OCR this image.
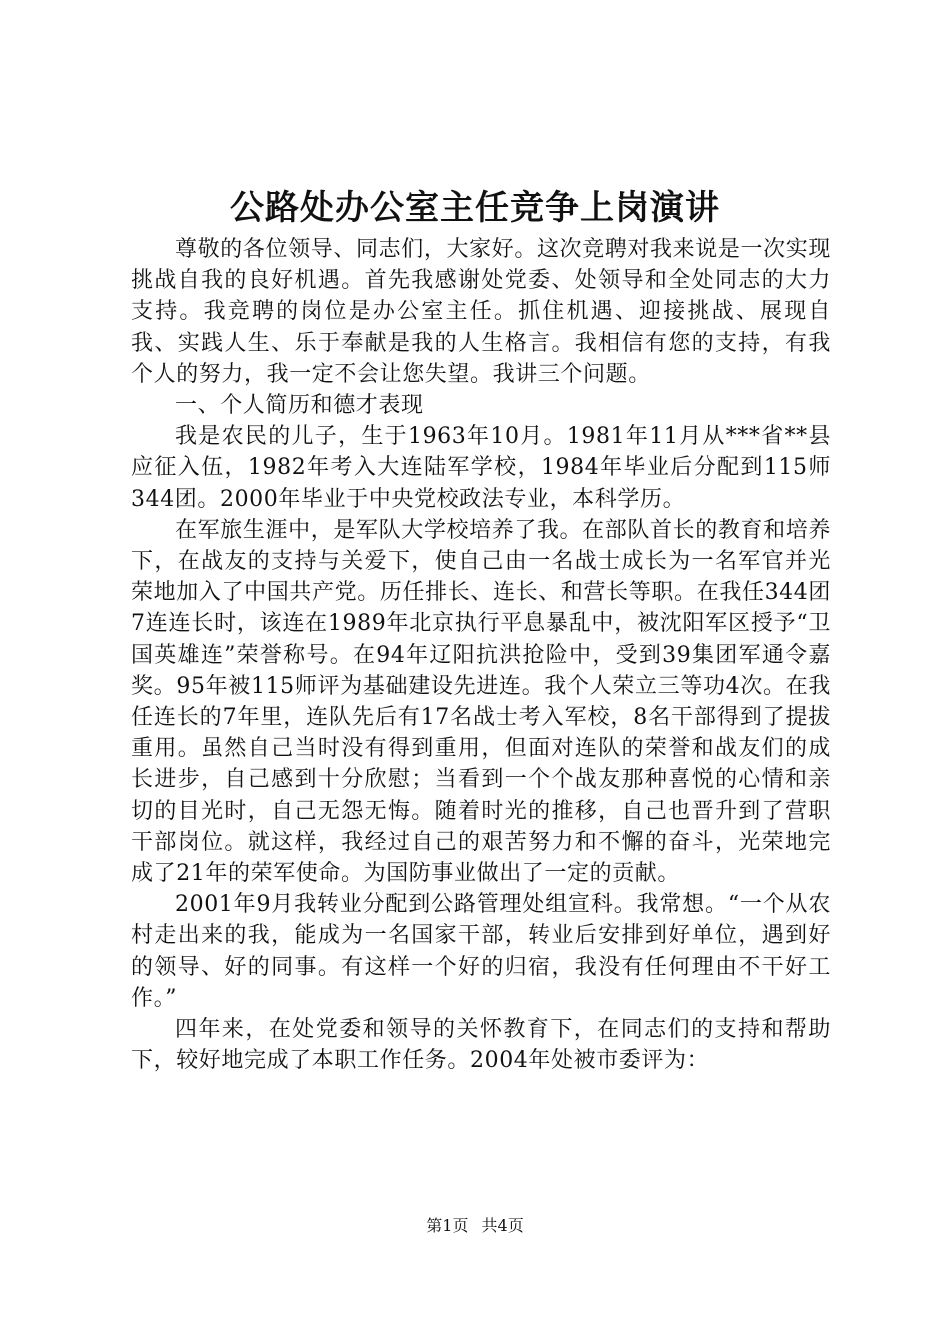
公路处办公室主任竞争上岗演讲

尊敬的各位领导、同志们，大家好。这次竞聘对我来说是一次实现挑战自我的良好机遇。首先我感谢处党委、处领导和全处同志的大力支持。我竞聘的岗位是办公室主任。抓住机遇、迎接挑战、展现自我、实践人生、乐于奉献是我的人生格言。我相信有您的支持，有我个人的努力，我一定不会让您失望。我讲三个问题。

一、个人简历和德才表现

我是农民的儿子，生于1963年10月。1981年11月从***省**县应征入伍，1982年考入大连陆军学校，1984年毕业后分配到115师344团。2000年毕业于中央党校政法专业，本科学历。

在军旅生涯中，是军队大学校培养了我。在部队首长的教育和培养下，在战友的支持与关爱下，使自己由一名战士成长为一名军官并光荣地加入了中国共产党。历任排长、连长、和营长等职。在我任344团7连连长时，该连在1989年北京执行平息暴乱中，被沈阳军区授予“卫国英雄连”荣誉称号。在94年辽阳抗洪抢险中，受到39集团军通令嘉奖。95年被115师评为基础建设先进连。我个人荣立三等功4次。在我任连长的7年里，连队先后有17名战士考入军校，8名干部得到了提拔重用。虽然自己当时没有得到重用，但面对连队的荣誉和战友们的成长进步，自己感到十分欣慰；当看到一个个战友那种喜悦的心情和亲切的目光时，自己无怨无悔。随着时光的推移，自己也晋升到了营职干部岗位。就这样，我经过自己的艰苦努力和不懈的奋斗，光荣地完成了21年的荣军使命。为国防事业做出了一定的贡献。

2001年9月我转业分配到公路管理处组宣科。我常想。“一个从农村走出来的我，能成为一名国家干部，转业后安排到好单位，遇到好的领导、好的同事。有这样一个好的归宿，我没有任何理由不干好工作。”

四年来，在处党委和领导的关怀教育下，在同志们的支持和帮助下，较好地完成了本职工作任务。2004年处被市委评为：

第1页 共4页
